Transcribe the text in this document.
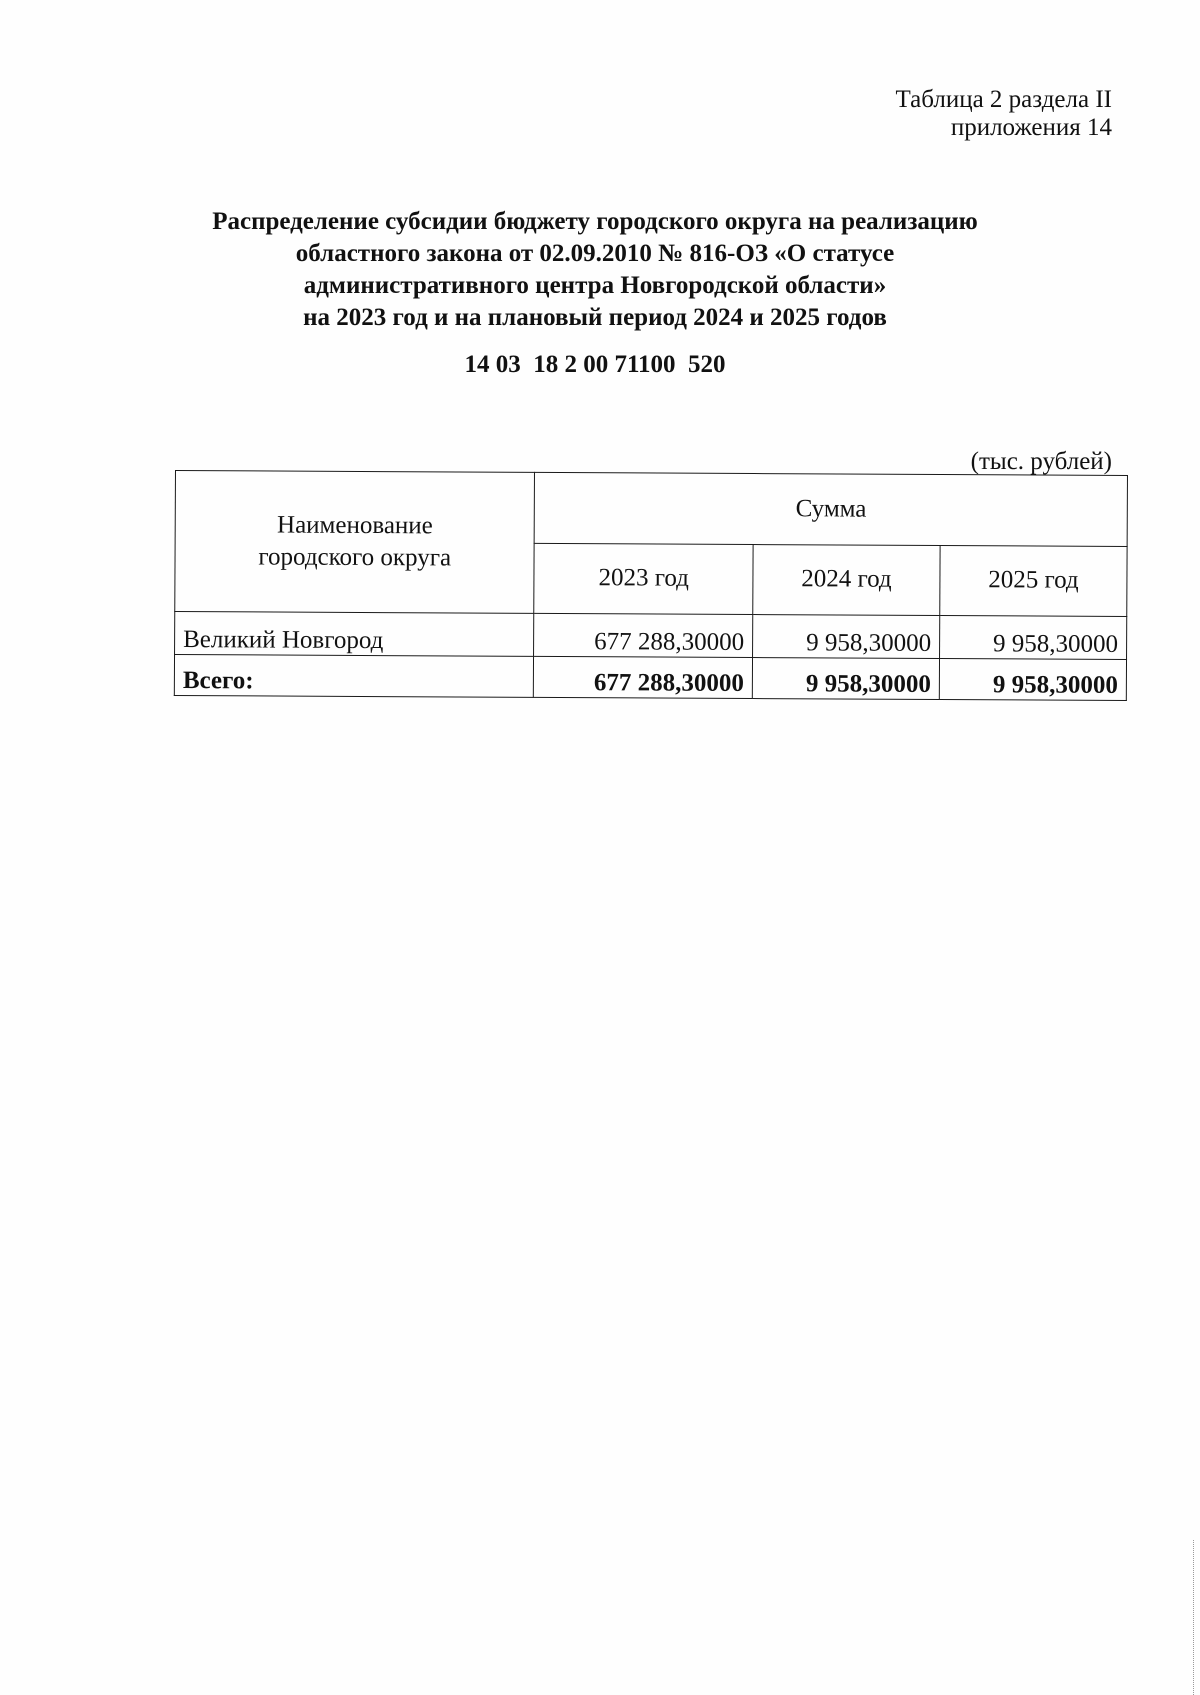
Таблица 2 раздела II
приложения 14
Распределение субсидии бюджету городского округа на реализацию
областного закона от 02.09.2010 № 816-ОЗ «О статусе
административного центра Новгородской области»
на 2023 год и на плановый период 2024 и 2025 годов
14 03  18 2 00 71100  520
(тыс. рублей)
Наименование
городского округа	Сумма		
	2023 год	2024 год	2025 год
Великий Новгород	677 288,30000	9 958,30000	9 958,30000
Всего:	677 288,30000	9 958,30000	9 958,30000
